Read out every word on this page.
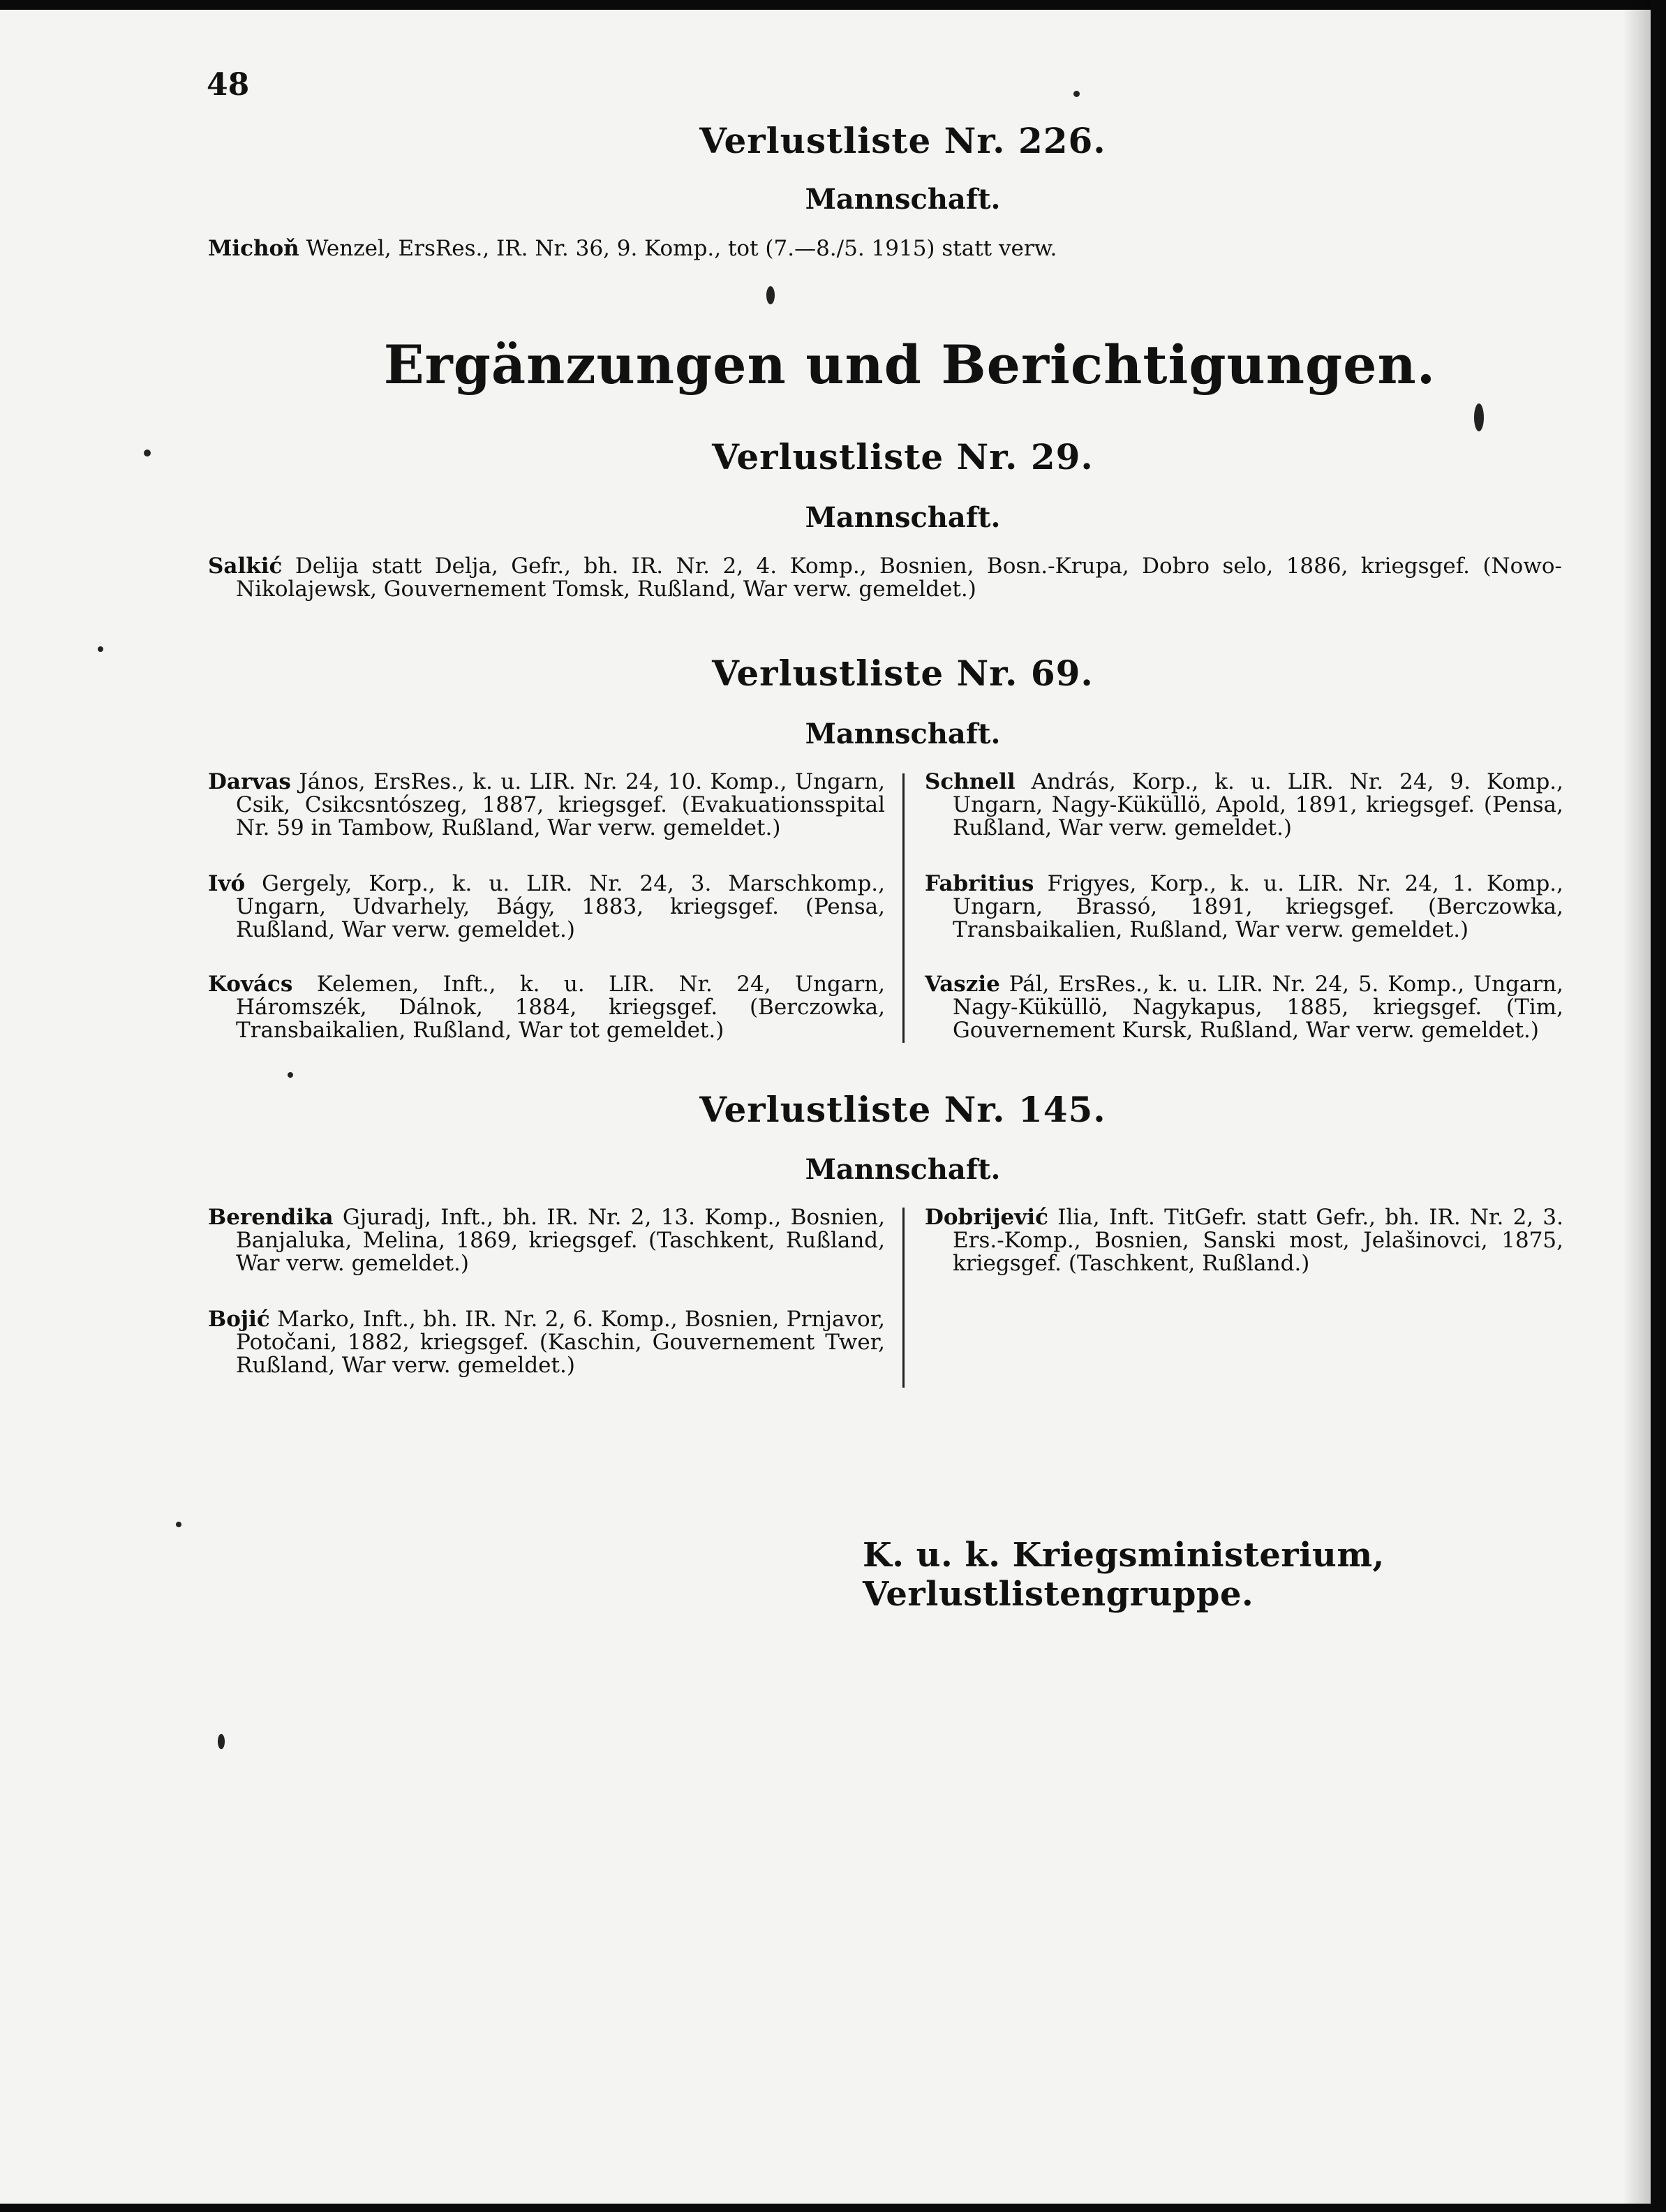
48
Verlustliste Nr. 226.
Mannschaft.
Michoň Wenzel, ErsRes., IR. Nr. 36, 9. Komp., tot (7.—8./5. 1915) statt verw.
Ergänzungen und Berichtigungen.
Verlustliste Nr. 29.
Mannschaft.
Salkić Delija statt Delja, Gefr., bh. IR. Nr. 2, 4. Komp., Bosnien, Bosn.-Krupa, Dobro selo, 1886, kriegsgef. (Nowo-Nikolajewsk, Gouvernement Tomsk, Rußland, War verw. gemeldet.)
Verlustliste Nr. 69.
Mannschaft.
Darvas János, ErsRes., k. u. LIR. Nr. 24, 10. Komp., Ungarn, Csik, Csikcsntószeg, 1887, kriegsgef. (Evakuationsspital Nr. 59 in Tambow, Rußland, War verw. gemeldet.)
Ivó Gergely, Korp., k. u. LIR. Nr. 24, 3. Marschkomp., Ungarn, Udvarhely, Bágy, 1883, kriegsgef. (Pensa, Rußland, War verw. gemeldet.)
Kovács Kelemen, Inft., k. u. LIR. Nr. 24, Ungarn, Háromszék, Dálnok, 1884, kriegsgef. (Berczowka, Transbaikalien, Rußland, War tot gemeldet.)
Schnell András, Korp., k. u. LIR. Nr. 24, 9. Komp., Ungarn, Nagy-Küküllö, Apold, 1891, kriegsgef. (Pensa, Rußland, War verw. gemeldet.)
Fabritius Frigyes, Korp., k. u. LIR. Nr. 24, 1. Komp., Ungarn, Brassó, 1891, kriegsgef. (Berczowka, Transbaikalien, Rußland, War verw. gemeldet.)
Vaszie Pál, ErsRes., k. u. LIR. Nr. 24, 5. Komp., Ungarn, Nagy-Küküllö, Nagykapus, 1885, kriegsgef. (Tim, Gouvernement Kursk, Rußland, War verw. gemeldet.)
Verlustliste Nr. 145.
Mannschaft.
Berendika Gjuradj, Inft., bh. IR. Nr. 2, 13. Komp., Bosnien, Banjaluka, Melina, 1869, kriegsgef. (Taschkent, Rußland, War verw. gemeldet.)
Bojić Marko, Inft., bh. IR. Nr. 2, 6. Komp., Bosnien, Prnjavor, Potočani, 1882, kriegsgef. (Kaschin, Gouvernement Twer, Rußland, War verw. gemeldet.)
Dobrijević Ilia, Inft. TitGefr. statt Gefr., bh. IR. Nr. 2, 3. Ers.-Komp., Bosnien, Sanski most, Jelašinovci, 1875, kriegsgef. (Taschkent, Rußland.)
K. u. k. Kriegsministerium, Verlustlistengruppe.
